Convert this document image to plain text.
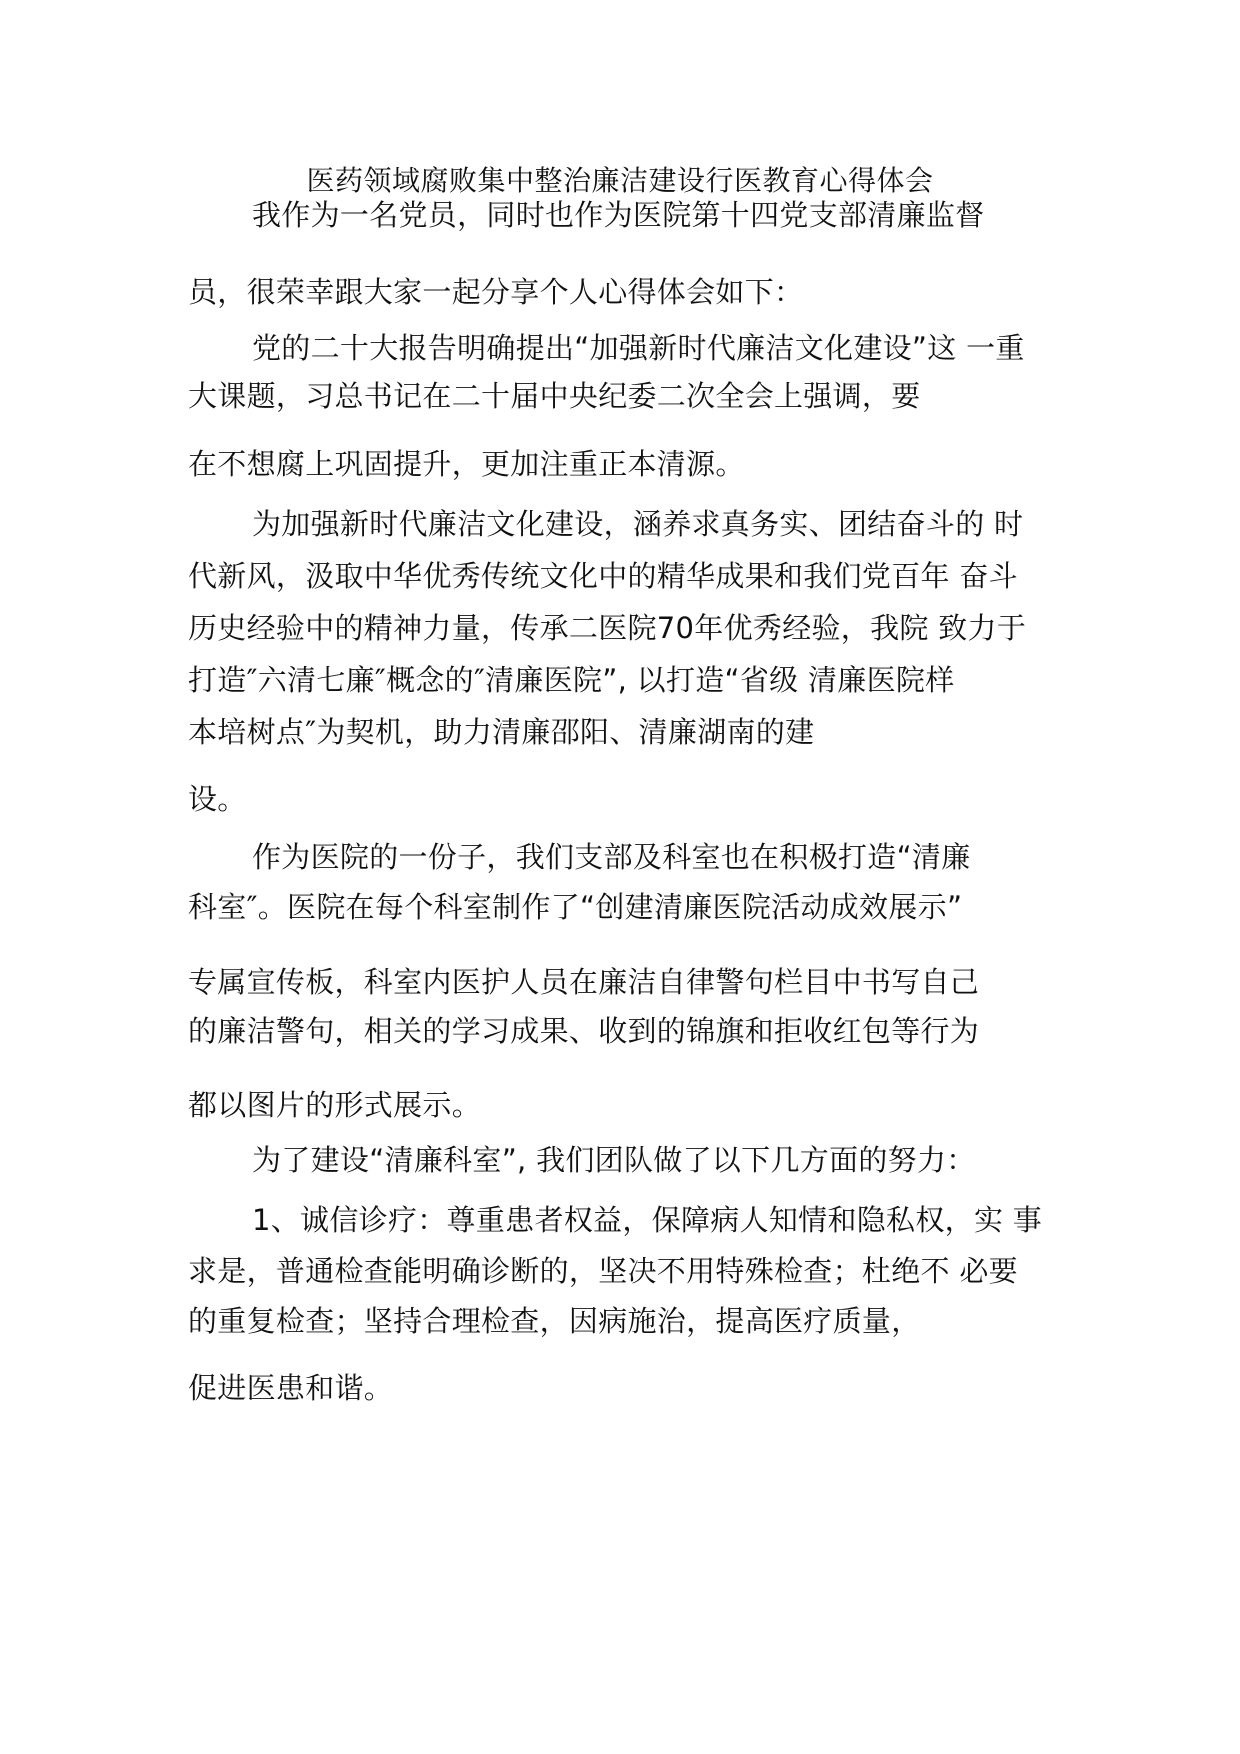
医药领域腐败集中整治廉洁建设行医教育心得体会
我作为一名党员，同时也作为医院第十四党支部清廉监督
员，很荣幸跟大家一起分享个人心得体会如下：
党的二十大报告明确提出“加强新时代廉洁文化建设”这 一重
大课题，习总书记在二十届中央纪委二次全会上强调，要
在不想腐上巩固提升，更加注重正本清源。
为加强新时代廉洁文化建设，涵养求真务实、团结奋斗的 时
代新风，汲取中华优秀传统文化中的精华成果和我们党百年 奋斗
历史经验中的精神力量，传承二医院70年优秀经验，我院 致力于
打造″六清七廉″概念的″清廉医院”, 以打造“省级 清廉医院样
本培树点″为契机，助力清廉邵阳、清廉湖南的建
设。
作为医院的一份子，我们支部及科室也在积极打造“清廉
科室″。医院在每个科室制作了“创建清廉医院活动成效展示”
专属宣传板，科室内医护人员在廉洁自律警句栏目中书写自己
的廉洁警句，相关的学习成果、收到的锦旗和拒收红包等行为
都以图片的形式展示。
为了建设“清廉科室”, 我们团队做了以下几方面的努力：
1、诚信诊疗：尊重患者权益，保障病人知情和隐私权，实 事
求是，普通检查能明确诊断的，坚决不用特殊检查；杜绝不 必要
的重复检查；坚持合理检查，因病施治，提高医疗质量，
促进医患和谐。
